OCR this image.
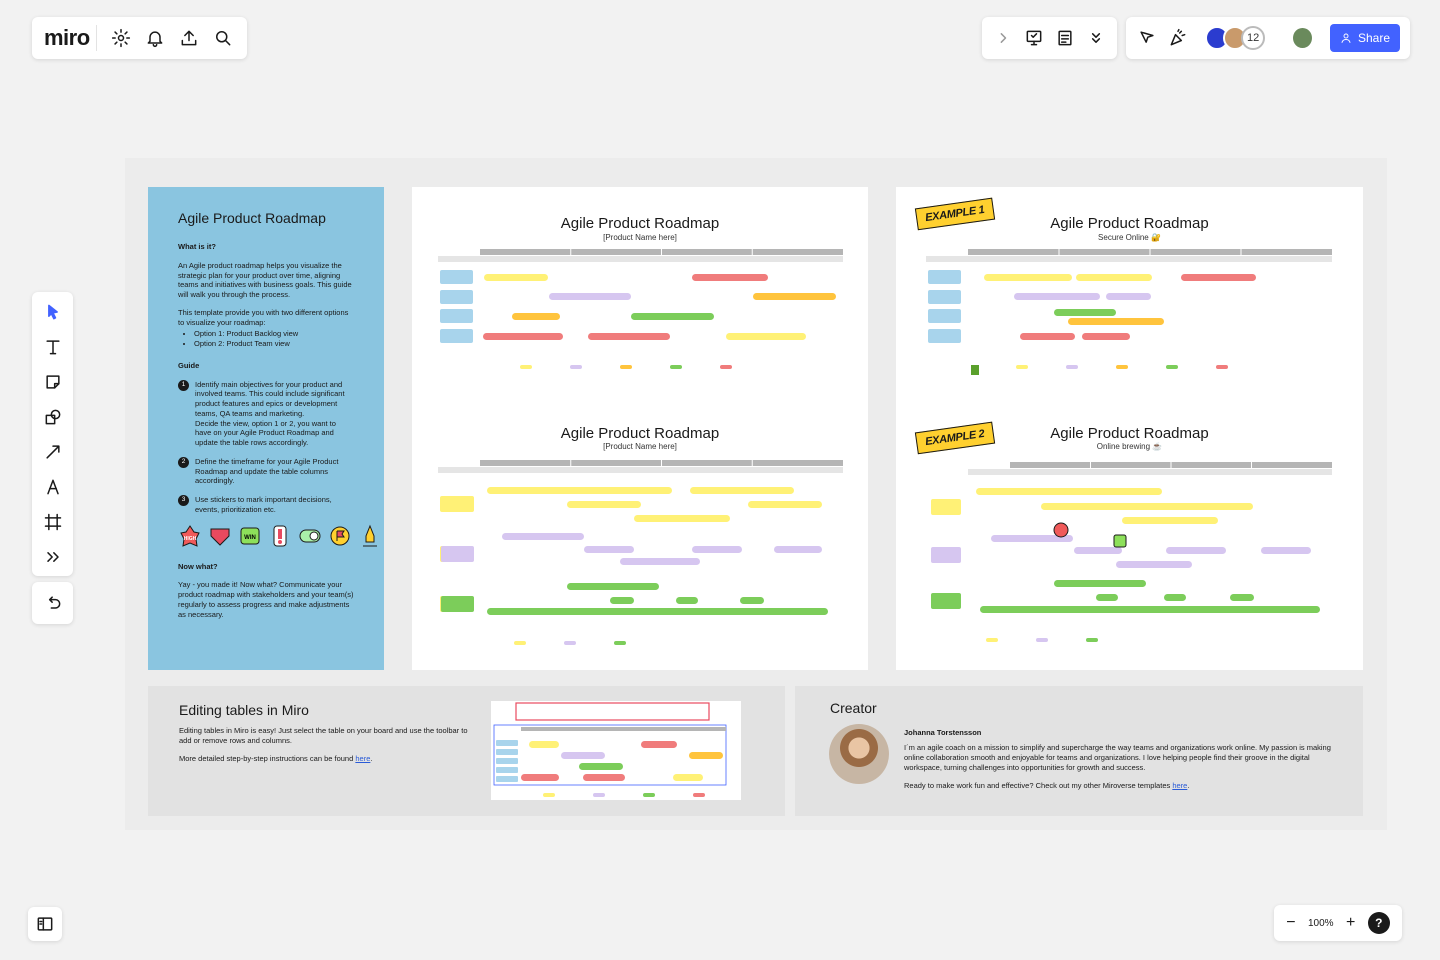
miro	12	Share
Agile Product Roadmap
What is it?

An Agile product roadmap helps you visualize the strategic plan for your product over time, aligning teams and initiatives with business goals. This guide will walk you through the process.

This template provide you with two different options to visualize your roadmap:

• Option 1: Product Backlog view
• Option 2: Product Team view
Guide
1	Identify main objectives for your product and involved teams. This could include significant product features and epics or development teams, QA teams and marketing.
Decide the view, option 1 or 2, you want to have on your Agile Product Roadmap and update the table rows accordingly.
2	Define the timeframe for your Agile Product Roadmap and update the table columns accordingly.
3	Use stickers to mark important decisions, events, prioritization etc.
HIGH	WIN
Now what?

Yay - you made it! Now what? Communicate your product roadmap with stakeholders and your team(s) regularly to assess progress and make adjustments as necessary.

Agile Product Roadmap
[Product Name here]
Agile Product Roadmap
[Product Name here]
EXAMPLE 1	Agile Product Roadmap
Secure Online 🔐
EXAMPLE 2	Agile Product Roadmap
Online brewing ☕
Editing tables in Miro
Editing tables in Miro is easy! Just select the table on your board and use the toolbar to add or remove rows and columns.
More detailed step-by-step instructions can be found here.
Creator
Johanna Torstensson
I´m an agile coach on a mission to simplify and supercharge the way teams and organizations work online. My passion is making online collaboration smooth and enjoyable for teams and organizations. I love helping people find their groove in the digital workspace, turning challenges into opportunities for growth and success.
Ready to make work fun and effective? Check out my other Miroverse templates here.
− 100% +	?
